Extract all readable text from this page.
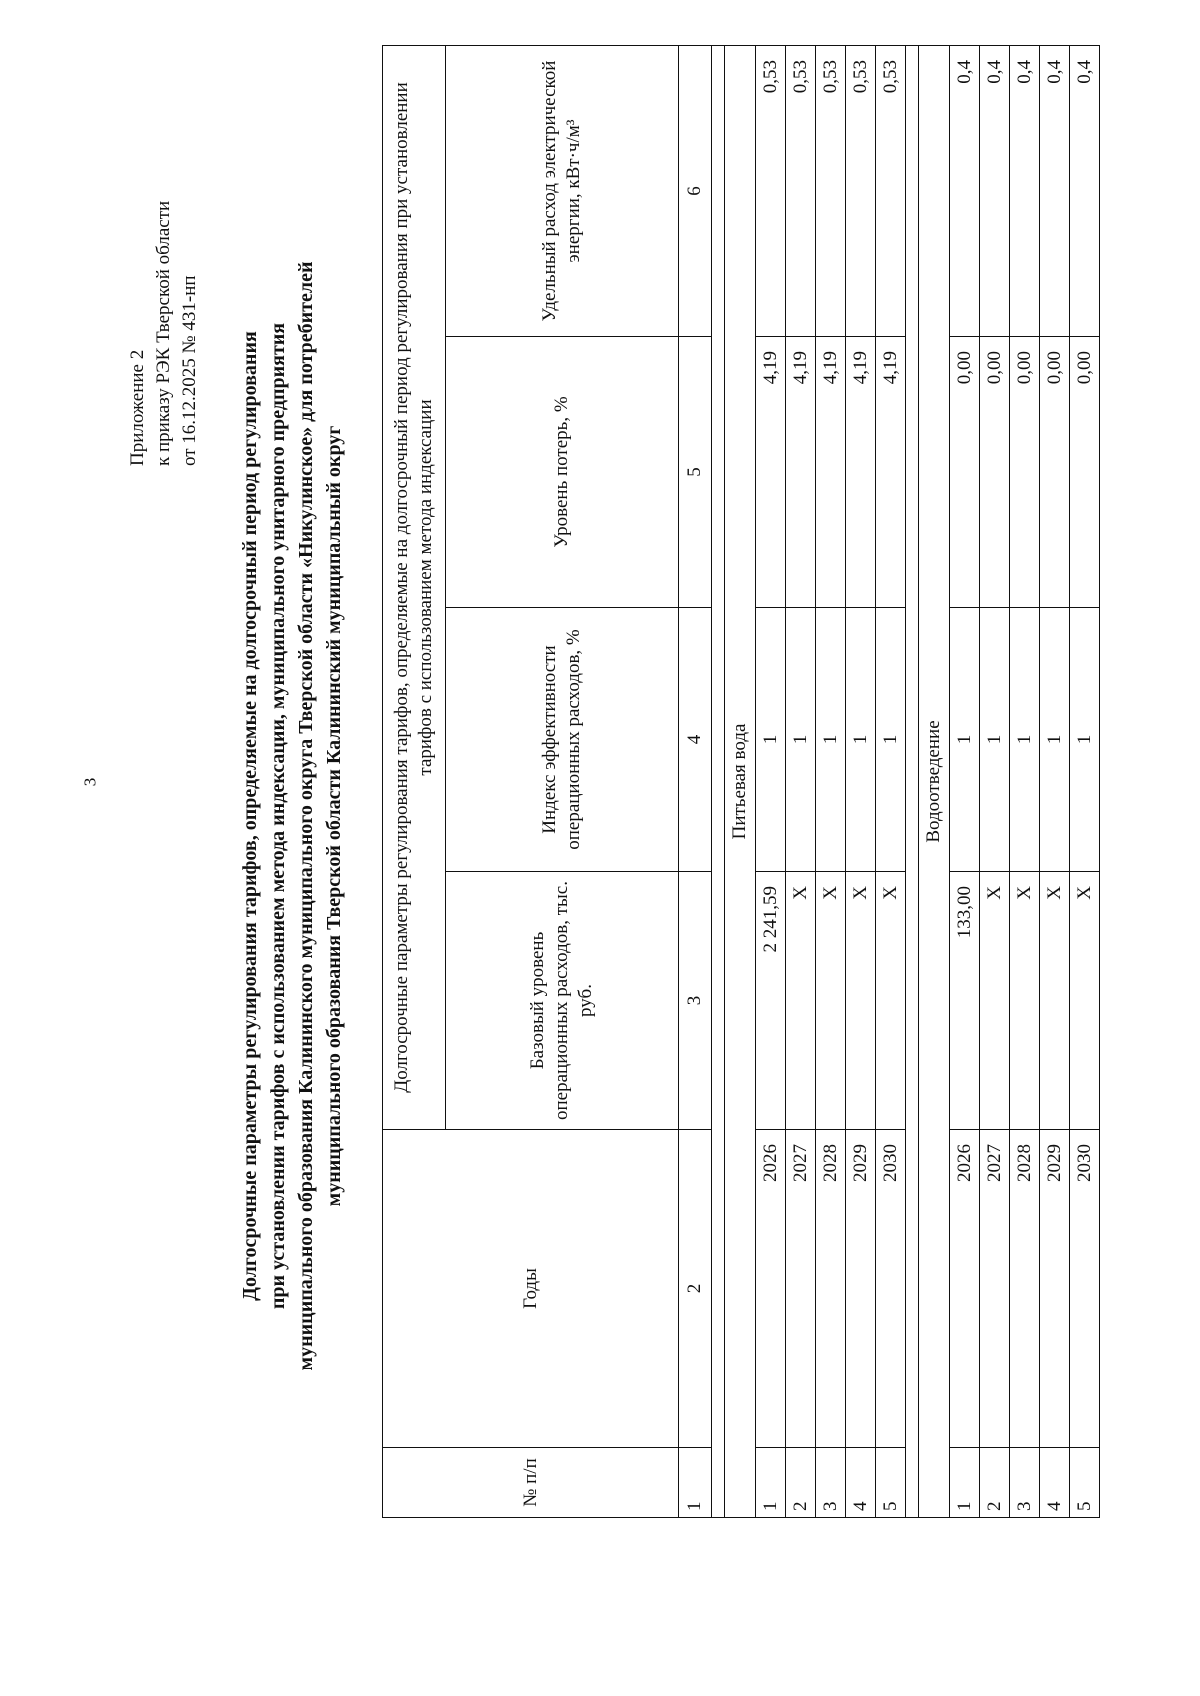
3
Приложение 2 к приказу РЭК Тверской области от 16.12.2025 № 431-нп Долгосрочные параметры регулирования тарифов, определяемые на долгосрочный период регулирования при установлении тарифов с использованием метода индексации, муниципального унитарного предприятия муниципального образования Калининского муниципального округа Тверской области «Никулинское» для потребителей муниципального образования Тверской области Калининский муниципальный округ
№ п/п	Годы	Долгосрочные параметры регулирования тарифов, определяемые на долгосрочный период регулирования при установлении тарифов с использованием метода индексации			
		Базовый уровень операционных расходов, тыс. руб.	Индекс эффективности операционных расходов, %	Уровень потерь, %	Удельный расход электрической энергии, кВт·ч/м³
1	2	3	4	5	6

Питьевая вода					
1	2026	2 241,59	1	4,19	0,53
2	2027	X	1	4,19	0,53
3	2028	X	1	4,19	0,53
4	2029	X	1	4,19	0,53
5	2030	X	1	4,19	0,53

Водоотведение					
1	2026	133,00	1	0,00	0,4
2	2027	X	1	0,00	0,4
3	2028	X	1	0,00	0,4
4	2029	X	1	0,00	0,4
5	2030	X	1	0,00	0,4
